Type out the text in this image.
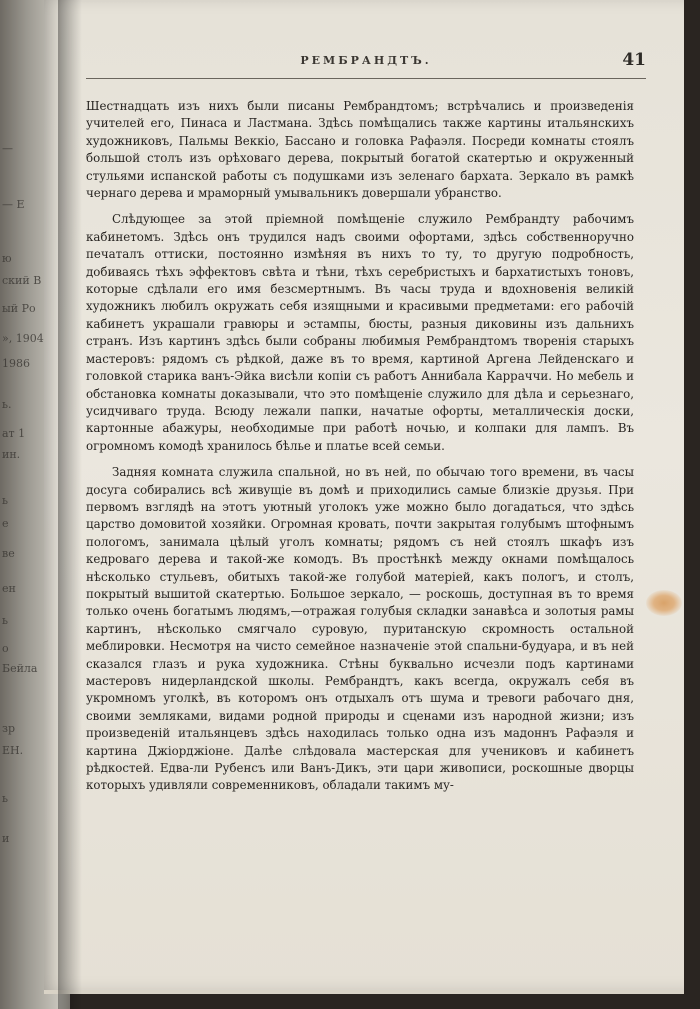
—
— Е
ю
ский В
ый Ро
», 1904
1986
ь.
ат 1
ин.
ь
е
ве
ен
ь
о
Бейла
зр
ЕН.
ь
и
РЕМБРАНДТЪ.	41

Шестнадцать изъ нихъ были писаны Рембрандтомъ; встрѣчались и произведенія учителей его, Пинаса и Ластмана. Здѣсь помѣщались также картины итальянскихъ художниковъ, Пальмы Веккіо, Бассано и головка Рафаэля. Посреди комнаты стоялъ большой столъ изъ орѣховаго дерева, покрытый богатой скатертью и окруженный стульями испанской работы съ подушками изъ зеленаго бархата. Зеркало въ рамкѣ чернаго дерева и мраморный умывальникъ довершали убранство.

Слѣдующее за этой пріемной помѣщеніе служило Рембрандту рабочимъ кабинетомъ. Здѣсь онъ трудился надъ своими офортами, здѣсь собственноручно печаталъ оттиски, постоянно измѣняя въ нихъ то ту, то другую подробность, добиваясь тѣхъ эффектовъ свѣта и тѣни, тѣхъ серебристыхъ и бархатистыхъ тоновъ, которые сдѣлали его имя безсмертнымъ. Въ часы труда и вдохновенія великій художникъ любилъ окружать себя изящными и красивыми предметами: его рабочій кабинетъ украшали гравюры и эстампы, бюсты, разныя диковины изъ дальнихъ странъ. Изъ картинъ здѣсь были собраны любимыя Рембрандтомъ творенія старыхъ мастеровъ: рядомъ съ рѣдкой, даже въ то время, картиной Аргена Лейденскаго и головкой старика ванъ-Эйка висѣли копіи съ работъ Аннибала Карраччи. Но мебель и обстановка комнаты доказывали, что это помѣщеніе служило для дѣла и серьезнаго, усидчиваго труда. Всюду лежали папки, начатые офорты, металлическія доски, картонные абажуры, необходимые при работѣ ночью, и колпаки для лампъ. Въ огромномъ комодѣ хранилось бѣлье и платье всей семьи.

Задняя комната служила спальной, но въ ней, по обычаю того времени, въ часы досуга собирались всѣ живущіе въ домѣ и приходились самые близкіе друзья. При первомъ взглядѣ на этотъ уютный уголокъ уже можно было догадаться, что здѣсь царство домовитой хозяйки. Огромная кровать, почти закрытая голубымъ штофнымъ пологомъ, занимала цѣлый уголъ комнаты; рядомъ съ ней стоялъ шкафъ изъ кедроваго дерева и такой-же комодъ. Въ простѣнкѣ между окнами помѣщалось нѣсколько стульевъ, обитыхъ такой-же голубой матеріей, какъ пологъ, и столъ, покрытый вышитой скатертью. Большое зеркало, — роскошь, доступная въ то время только очень богатымъ людямъ,—отражая голубыя складки занавѣса и золотыя рамы картинъ, нѣсколько смягчало суровую, пуританскую скромность остальной меблировки. Несмотря на чисто семейное назначеніе этой спальни-будуара, и въ ней сказался глазъ и рука художника. Стѣны буквально исчезли подъ картинами мастеровъ нидерландской школы. Рембрандтъ, какъ всегда, окружалъ себя въ укромномъ уголкѣ, въ которомъ онъ отдыхалъ отъ шума и тревоги рабочаго дня, своими земляками, видами родной природы и сценами изъ народной жизни; изъ произведеній итальянцевъ здѣсь находилась только одна изъ мадоннъ Рафаэля и картина Джіорджіоне. Далѣе слѣдовала мастерская для учениковъ и кабинетъ рѣдкостей. Едва-ли Рубенсъ или Ванъ-Дикъ, эти цари живописи, роскошные дворцы которыхъ удивляли современниковъ, обладали такимъ му-
